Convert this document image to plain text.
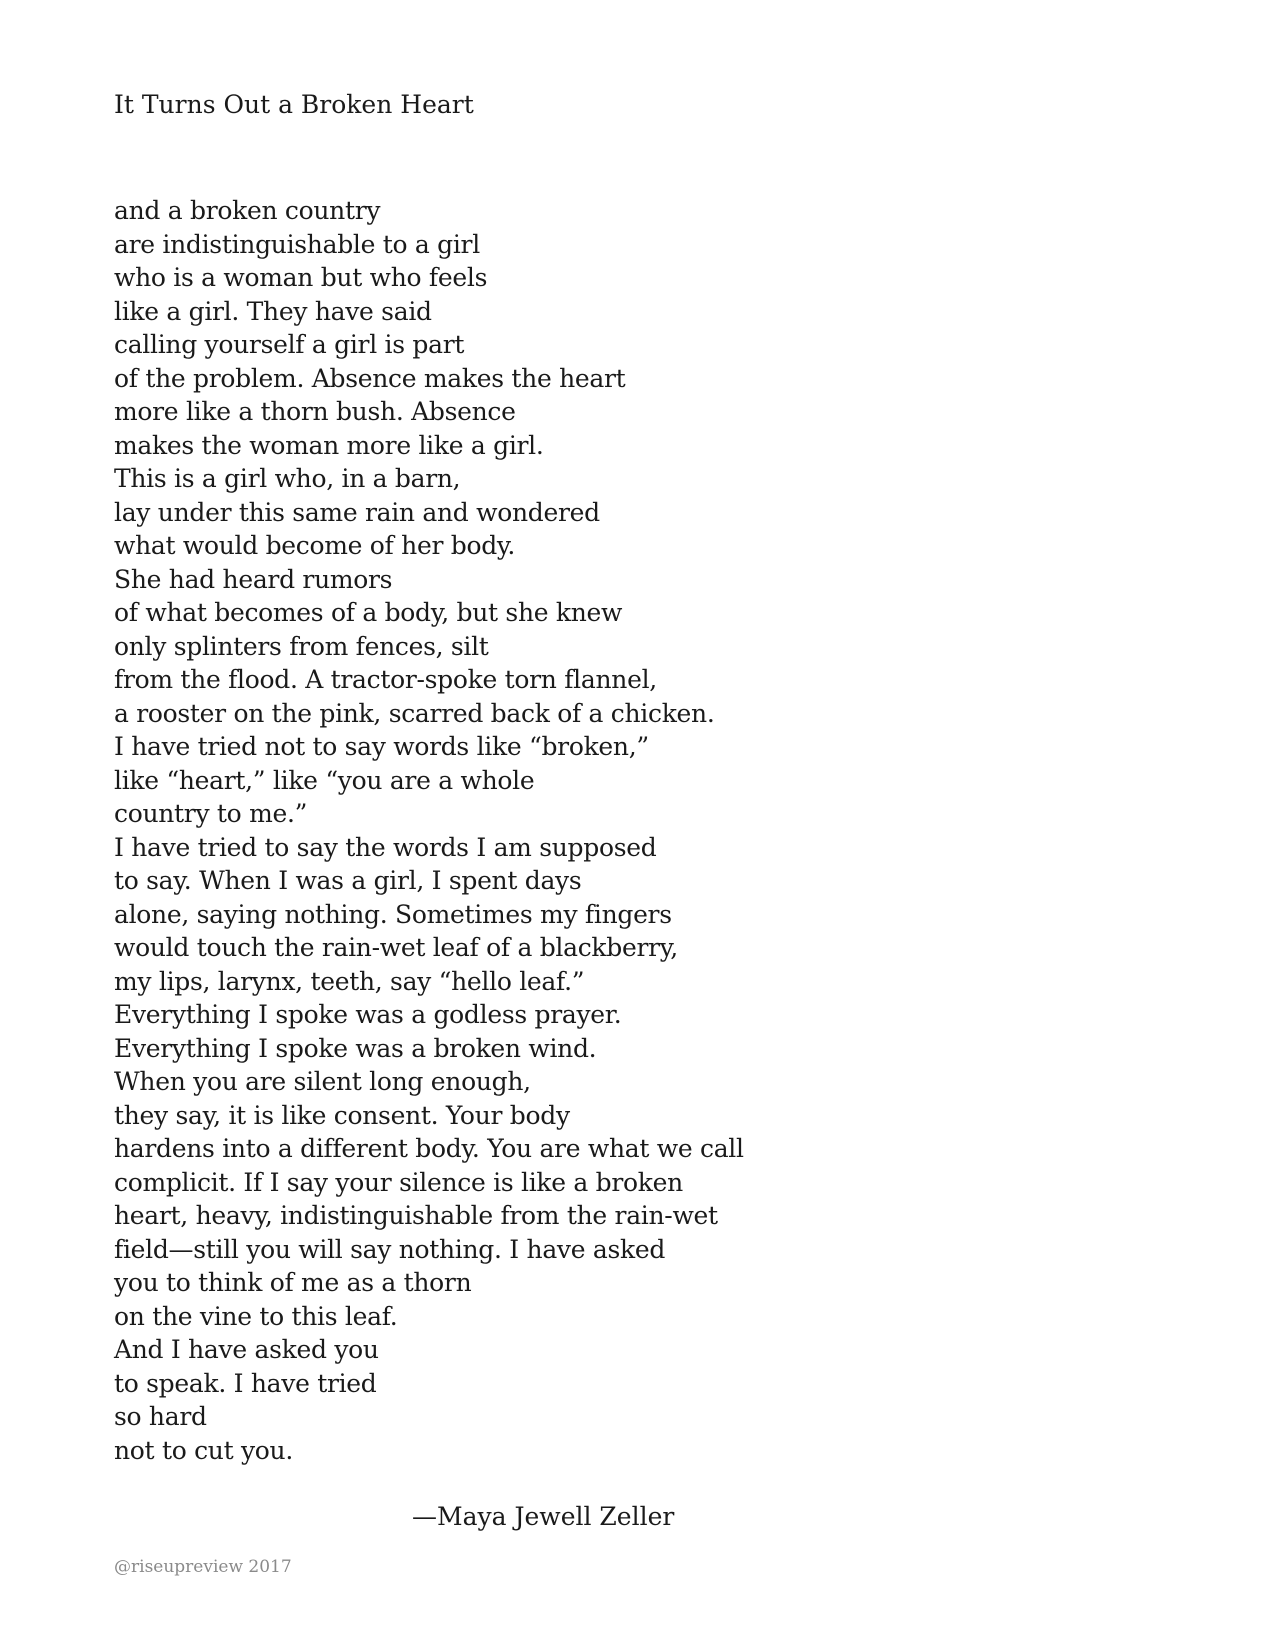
It Turns Out a Broken Heart
and a broken country
are indistinguishable to a girl
who is a woman but who feels
like a girl. They have said
calling yourself a girl is part
of the problem. Absence makes the heart
more like a thorn bush. Absence
makes the woman more like a girl.
This is a girl who, in a barn,
lay under this same rain and wondered
what would become of her body.
She had heard rumors
of what becomes of a body, but she knew
only splinters from fences, silt
from the flood. A tractor-spoke torn flannel,
a rooster on the pink, scarred back of a chicken.
I have tried not to say words like “broken,”
like “heart,” like “you are a whole
country to me.”
I have tried to say the words I am supposed
to say. When I was a girl, I spent days
alone, saying nothing. Sometimes my fingers
would touch the rain-wet leaf of a blackberry,
my lips, larynx, teeth, say “hello leaf.”
Everything I spoke was a godless prayer.
Everything I spoke was a broken wind.
When you are silent long enough,
they say, it is like consent. Your body
hardens into a different body. You are what we call
complicit. If I say your silence is like a broken
heart, heavy, indistinguishable from the rain-wet
field—still you will say nothing. I have asked
you to think of me as a thorn
on the vine to this leaf.
And I have asked you
to speak. I have tried
so hard
not to cut you.
—Maya Jewell Zeller
@riseupreview 2017
